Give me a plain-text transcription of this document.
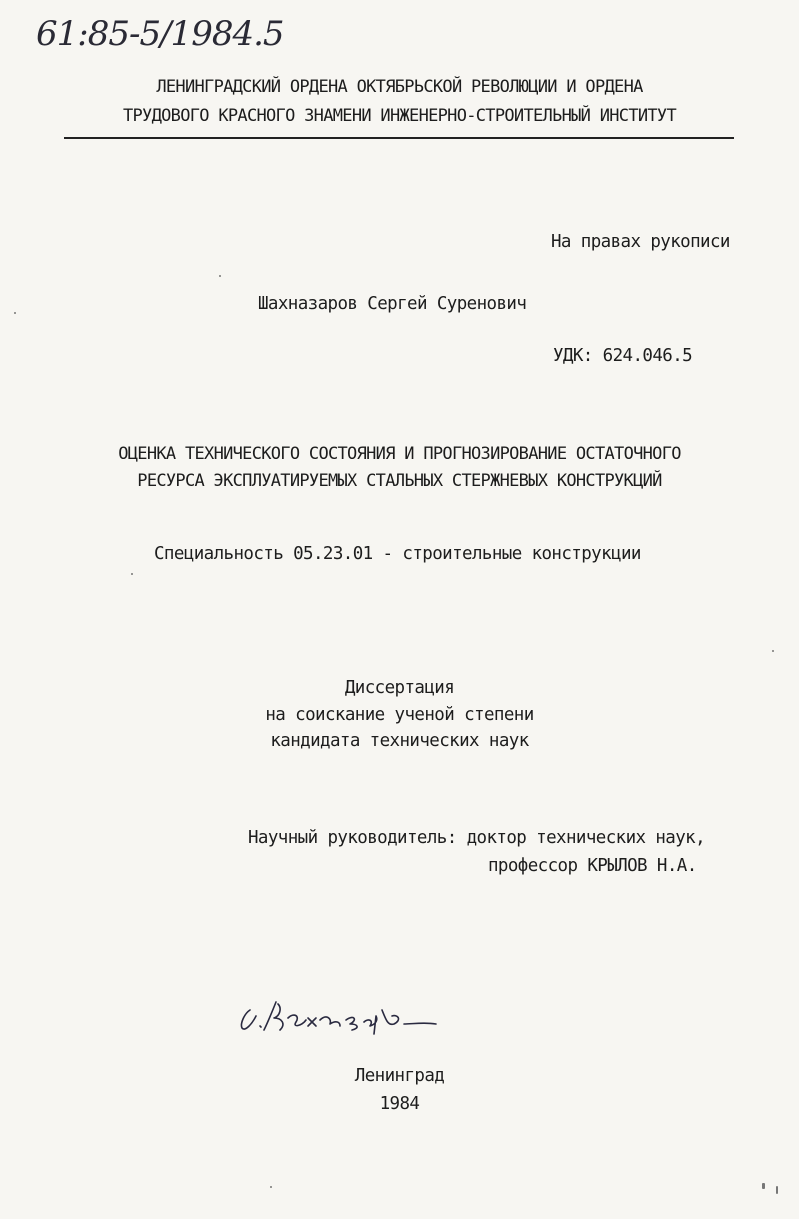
61:85-5/1984.5
ЛЕНИНГРАДСКИЙ ОРДЕНА ОКТЯБРЬСКОЙ РЕВОЛЮЦИИ И ОРДЕНА
ТРУДОВОГО КРАСНОГО ЗНАМЕНИ ИНЖЕНЕРНО-СТРОИТЕЛЬНЫЙ ИНСТИТУТ
На правах рукописи
Шахназаров Сергей Суренович
УДК: 624.046.5
ОЦЕНКА ТЕХНИЧЕСКОГО СОСТОЯНИЯ И ПРОГНОЗИРОВАНИЕ ОСТАТОЧНОГО
РЕСУРСА ЭКСПЛУАТИРУЕМЫХ СТАЛЬНЫХ СТЕРЖНЕВЫХ КОНСТРУКЦИЙ
Специальность 05.23.01 - строительные конструкции
Диссертация
на соискание ученой степени
кандидата технических наук
Научный руководитель: доктор технических наук,
профессор КРЫЛОВ Н.А.
Ленинград
1984
